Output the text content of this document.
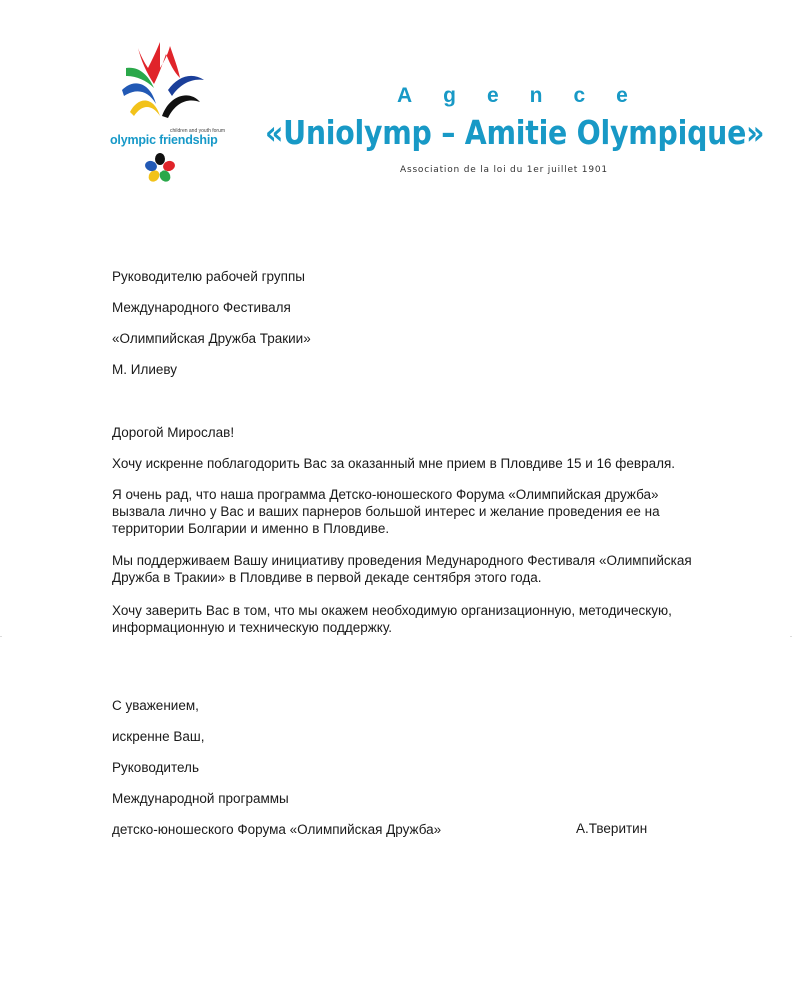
children and youth forum
olympic friendship
Agence
«Uniolymp – Amitie Olympique»
Association de la loi du 1er juillet 1901
Руководителю рабочей группы
Международного Фестиваля
«Олимпийская Дружба Тракии»
М. Илиеву
Дорогой Мирослав!
Хочу искренне поблагодорить Вас за оказанный мне прием в Пловдиве 15 и 16 февраля.
Я очень рад, что наша программа Детско-юношеского Форума «Олимпийская дружба» вызвала лично у Вас и ваших парнеров большой интерес и желание проведения ее на территории Болгарии и именно в Пловдиве.
Мы поддерживаем Вашу инициативу проведения Медународного Фестиваля «Олимпийская Дружба в Тракии» в Пловдиве в первой декаде сентября этого года.
Хочу заверить Вас в том, что мы окажем необходимую организационную, методическую, информационную и техническую поддержку.
С уважением,
искренне Ваш,
Руководитель
Международной программы
детско-юношеского Форума «Олимпийская Дружба»	А.Тверитин
